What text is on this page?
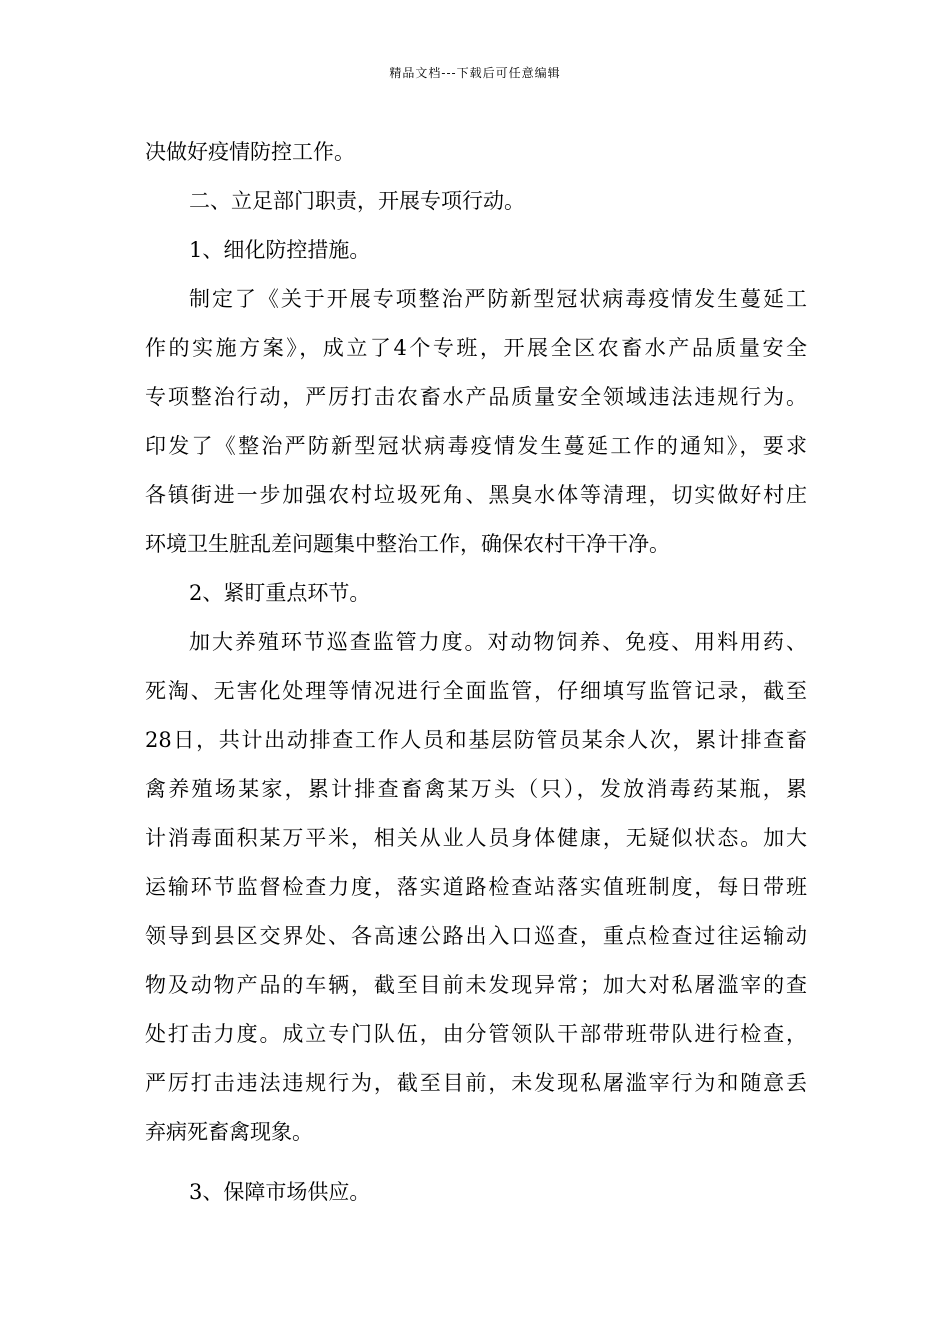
精品文档---下载后可任意编辑
决做好疫情防控工作。
二、立足部门职责，开展专项行动。
1、细化防控措施。
制定了《关于开展专项整治严防新型冠状病毒疫情发生蔓延工
作的实施方案》，成立了4个专班，开展全区农畜水产品质量安全
专项整治行动，严厉打击农畜水产品质量安全领域违法违规行为。
印发了《整治严防新型冠状病毒疫情发生蔓延工作的通知》，要求
各镇街进一步加强农村垃圾死角、黑臭水体等清理，切实做好村庄
环境卫生脏乱差问题集中整治工作，确保农村干净干净。
2、紧盯重点环节。
加大养殖环节巡查监管力度。对动物饲养、免疫、用料用药、
死淘、无害化处理等情况进行全面监管，仔细填写监管记录，截至
28日，共计出动排查工作人员和基层防管员某余人次，累计排查畜
禽养殖场某家，累计排查畜禽某万头（只），发放消毒药某瓶，累
计消毒面积某万平米，相关从业人员身体健康，无疑似状态。加大
运输环节监督检查力度，落实道路检查站落实值班制度，每日带班
领导到县区交界处、各高速公路出入口巡查，重点检查过往运输动
物及动物产品的车辆，截至目前未发现异常；加大对私屠滥宰的查
处打击力度。成立专门队伍，由分管领队干部带班带队进行检查，
严厉打击违法违规行为，截至目前，未发现私屠滥宰行为和随意丢
弃病死畜禽现象。
3、保障市场供应。
